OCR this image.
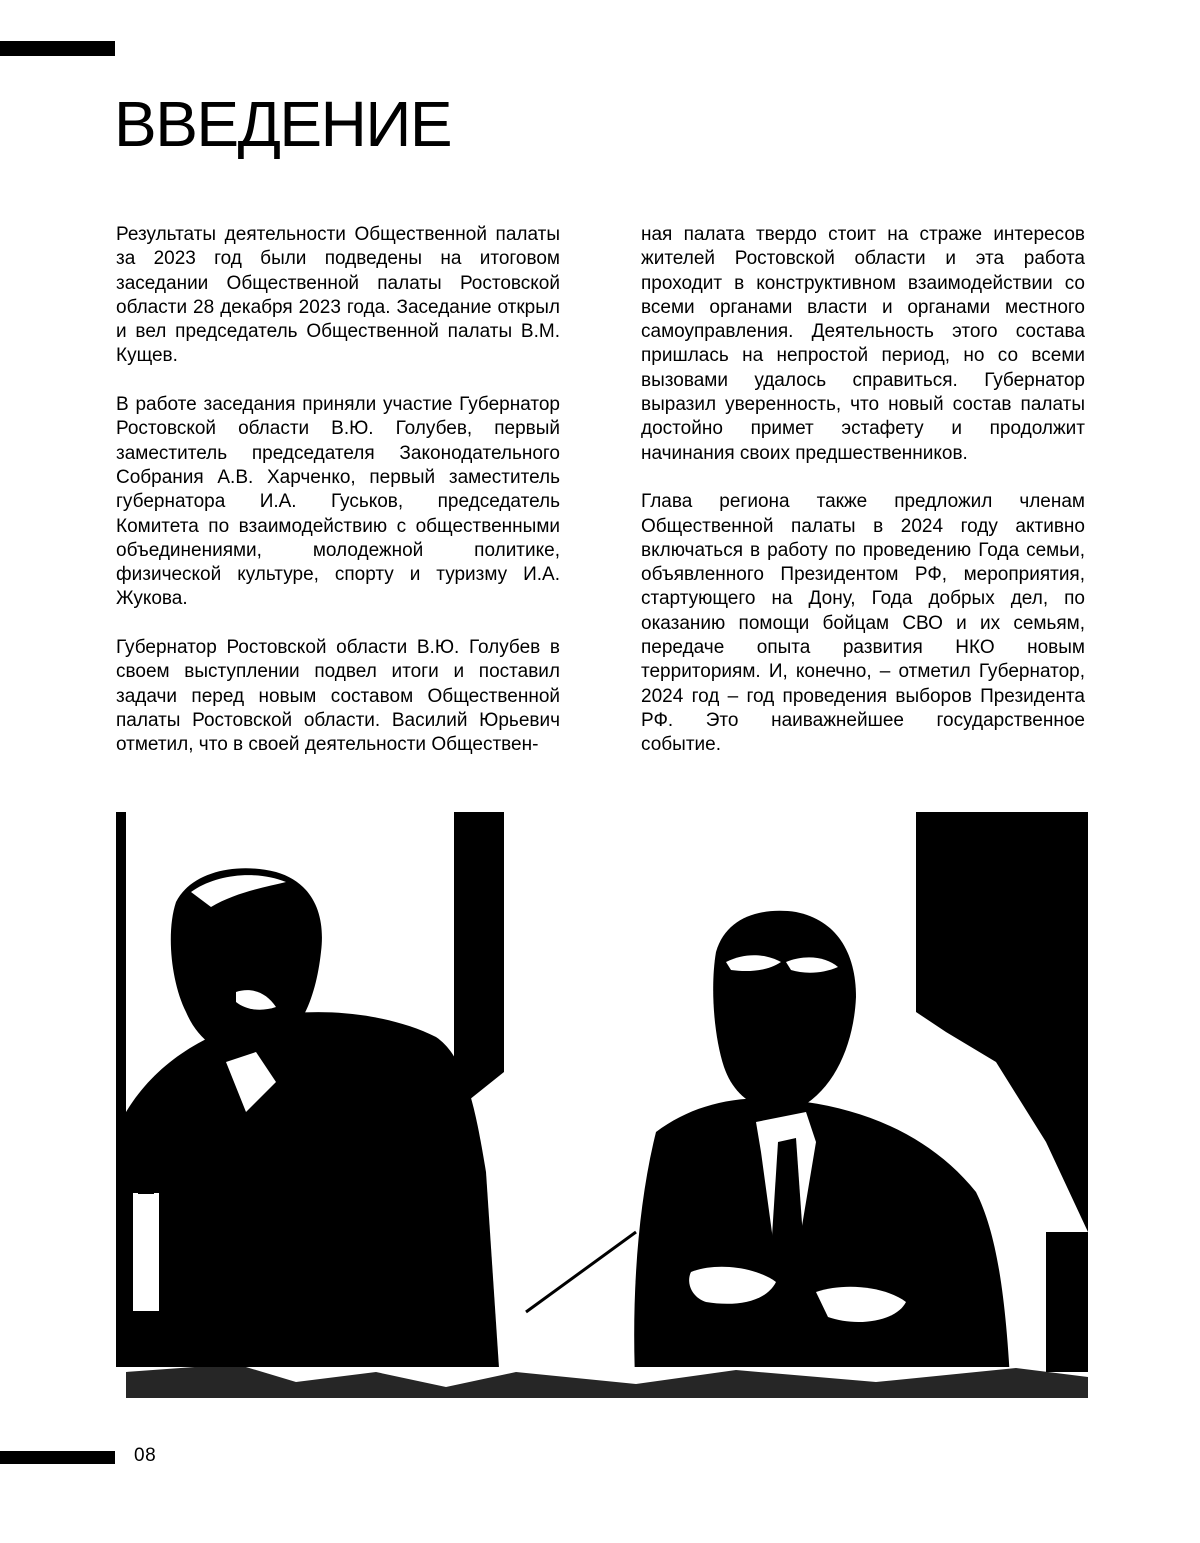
ВВЕДЕНИЕ

Результаты деятельности Общественной палаты за 2023 год были подведены на итоговом заседании Общественной палаты Ростовской области 28 декабря 2023 года. Заседание открыл и вел председатель Общественной палаты В.М. Кущев.

В работе заседания приняли участие Губернатор Ростовской области В.Ю. Голубев, первый заместитель председателя Законодательного Собрания А.В. Харченко, первый заместитель губернатора И.А. Гуськов, председатель Комитета по взаимодействию с общественными объединениями, молодежной политике, физической культуре, спорту и туризму И.А. Жукова.

Губернатор Ростовской области В.Ю. Голубев в своем выступлении подвел итоги и поставил задачи перед новым составом Общественной палаты Ростовской области. Василий Юрьевич отметил, что в своей деятельности Обществен-

ная палата твердо стоит на страже интересов жителей Ростовской области и эта работа проходит в конструктивном взаимодействии со всеми органами власти и органами местного самоуправления. Деятельность этого состава пришлась на непростой период, но со всеми вызовами удалось справиться. Губернатор выразил уверенность, что новый состав палаты достойно примет эстафету и продолжит начинания своих предшественников.

Глава региона также предложил членам Общественной палаты в 2024 году активно включаться в работу по проведению Года семьи, объявленного Президентом РФ, мероприятия, стартующего на Дону, Года добрых дел, по оказанию помощи бойцам СВО и их семьям, передаче опыта развития НКО новым территориям. И, конечно, – отметил Губернатор, 2024 год – год проведения выборов Президента РФ. Это наиважнейшее государственное событие.

08
